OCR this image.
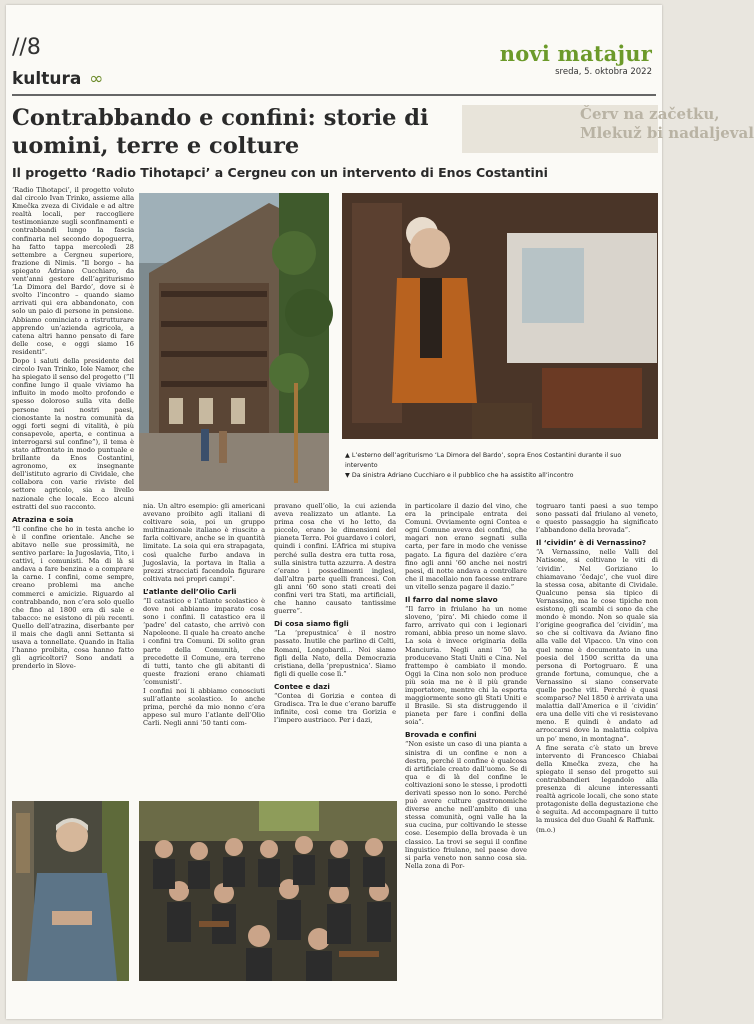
//8
kultura ∞
novi matajur
sreda, 5. oktobra 2022
Červ na začetku,
Mlekuž bi nadaljeval
Contrabbando e confini: storie di uomini, terre e colture
Il progetto ‘Radio Tihotapci’ a Cergneu con un intervento di Enos Costantini
▲ L’esterno dell’agriturismo ‘La Dimora del Bardo’, sopra Enos Costantini durante il suo intervento
▼ Da sinistra Adriano Cucchiaro e il pubblico che ha assistito all’incontro

‘Radio Tihotapci’, il progetto voluto dal circolo Ivan Trinko, assieme alla Kmečka zveza di Cividale e ad altre realtà locali, per raccogliere testimonianze sugli sconfinamenti e contrabbandi lungo la fascia confinaria nel secondo dopoguerra, ha fatto tappa mercoledì 28 settembre a Cergneu superiore, frazione di Nimis. “Il borgo – ha spiegato Adriano Cucchiaro, da vent’anni gestore dell’agriturismo ‘La Dimora del Bardo’, dove si è svolto l’incontro – quando siamo arrivati qui era abbandonato, con solo un paio di persone in pensione. Abbiamo cominciato a ristrutturare apprendo un’azienda agricola, a catena altri hanno pensato di fare delle cose, e oggi siamo 16 residenti”.

Dopo i saluti della presidente del circolo Ivan Trinko, Iole Namor, che ha spiegato il senso del progetto (“Il confine lungo il quale viviamo ha influito in modo molto profondo e spesso doloroso sulla vita delle persone nei nostri paesi, cionostante la nostra comunità da oggi forti segni di vitalità, è più consapevole, aperta, e continua a interrogarsi sul confine”), il tema è stato affrontato in modo puntuale e brillante da Enos Costantini, agronomo, ex insegnante dell’istituto agrario di Cividale, che collabora con varie riviste del settore agricolo, sia a livello nazionale che locale. Ecco alcuni estratti del suo racconto.

Atrazina e soia

“Il confine che ho in testa anche io è il confine orientale. Anche se abitavo nelle sue prossimità, ne sentivo parlare: la Jugoslavia, Tito, i cattivi, i comunisti. Ma di là si andava a fare benzina e a comprare la carne. I confini, come sempre, creano problemi ma anche commerci e amicizie. Riguardo al contrabbando, non c’era solo quello che fino al 1800 era di sale e tabacco: ne esistono di più recenti. Quello dell’atrazina, diserbante per il mais che dagli anni Settanta si usava a tonnellate. Quando in Italia l’hanno proibita, cosa hanno fatto gli agricoltori? Sono andati a prenderlo in Slove-

nia. Un altro esempio: gli americani avevano proibito agli italiani di coltivare soia, poi un gruppo multinazionale italiano è riuscito a farla coltivare, anche se in quantità limitate. La soia qui era strapagata, così qualche furbo andava in Jugoslavia, la portava in Italia a prezzi stracciati facendola figurare coltivata nei propri campi”.

L’atlante dell’Olio Carli

“Il catastico e l’atlante scolastico è dove noi abbiamo imparato cosa sono i confini. Il catastico era il ‘padre’ del catasto, che arrivò con Napoleone. Il quale ha creato anche i confini tra Comuni. Di solito gran parte della Comunità, che precedette il Comune, era terreno di tutti, tanto che gli abitanti di queste frazioni erano chiamati ‘comunisti’.

I confini noi li abbiamo conosciuti sull’atlante scolastico. Io anche prima, perché da mio nonno c’era appeso sul muro l’atlante dell’Olio Carli. Negli anni ’50 tanti com-

pravano quell’olio, la cui azienda aveva realizzato un atlante. La prima cosa che vi ho letto, da piccolo, erano le dimensioni del pianeta Terra. Poi guardavo i colori, quindi i confini. L’Africa mi stupiva perché sulla destra era tutta rosa, sulla sinistra tutta azzurra. A destra c’erano i possedimenti inglesi, dall’altra parte quelli francesi. Con gli anni ’60 sono stati creati dei confini veri tra Stati, ma artificiali, che hanno causato tantissime guerre”.

Di cosa siamo figli

“La ‘prepustnica’ è il nostro passato. Inutile che parlino di Celti, Romani, Longobardi… Noi siamo figli della Nato, della Democrazia cristiana, della ‘prepustnica’. Siamo figli di quelle cose lì.”

Contee e dazi

“Contea di Gorizia e contea di Gradisca. Tra le due c’erano baruffe infinite, così come tra Gorizia e l’impero austriaco. Per i dazi,

in particolare il dazio del vino, che era la principale entrata dei Comuni. Ovviamente ogni Contea e ogni Comune aveva dei confini, che magari non erano segnati sulla carta, per fare in modo che venisse pagato. La figura del dazière c’era fino agli anni ’60 anche nei nostri paesi, di notte andava a controllare che il macellaio non facesse entrare un vitello senza pagare il dazio.”

Il farro dal nome slavo

“Il farro in friulano ha un nome sloveno, ‘pira’. Mi chiedo come il farro, arrivato qui con i legionari romani, abbia preso un nome slavo. La soia è invece originaria della Manciuria. Negli anni ’50 la producevano Stati Uniti e Cina. Nel frattempo è cambiato il mondo. Oggi la Cina non solo non produce più soia ma ne è il più grande importatore, mentre chi la esporta maggiormente sono gli Stati Uniti e il Brasile. Si sta distruggendo il pianeta per fare i confini della soia”.

Brovada e confini

“Non esiste un caso di una pianta a sinistra di un confine e non a destra, perché il confine è qualcosa di artificiale creato dall’uomo. Se di qua e di là del confine le coltivazioni sono le stesse, i prodotti derivati spesso non lo sono. Perché può avere culture gastronomiche diverse anche nell’ambito di una stessa comunità, ogni valle ha la sua cucina, pur coltivando le stesse cose. L’esempio della brovada è un classico. La trovi se segui il confine linguistico friulano, nel paese dove si parla veneto non sanno cosa sia. Nella zona di Por-

togruaro tanti paesi a suo tempo sono passati dal friulano al veneto, e questo passaggio ha significato l’abbandono della brovada”.

Il ‘cividin’ è di Vernassino?

“A Vernassino, nelle Valli del Natisone, si coltivano le viti di ‘cividin’. Nel Goriziano lo chiamavano ‘čedajc’, che vuol dire la stessa cosa, abitante di Cividale. Qualcuno pensa sia tipico di Vernassino, ma le cose tipiche non esistono, gli scambi ci sono da che mondo è mondo. Non so quale sia l’origine geografica del ‘cividin’, ma so che si coltivava da Aviano fino alla valle del Vipacco. Un vino con quel nome è documentato in una poesia del 1500 scritta da una persona di Portogruaro. È una grande fortuna, comunque, che a Vernassino si siano conservate quelle poche viti. Perché è quasi scomparso? Nel 1850 è arrivata una malattia dall’America e il ‘cividin’ era una delle viti che vi resistevano meno. E quindi è andato ad arroccarsi dove la malattia colpiva un po’ meno, in montagna”.

A fine serata c’è stato un breve intervento di Francesco Chiabai della Kmečka zveza, che ha spiegato il senso del progetto sui contrabbandieri legandolo alla presenza di alcune interessanti realtà agricole locali, che sono state protagoniste della degustazione che è seguita. Ad accompagnare il tutto la musica del duo Guahl & Raffunk.

(m.o.)
